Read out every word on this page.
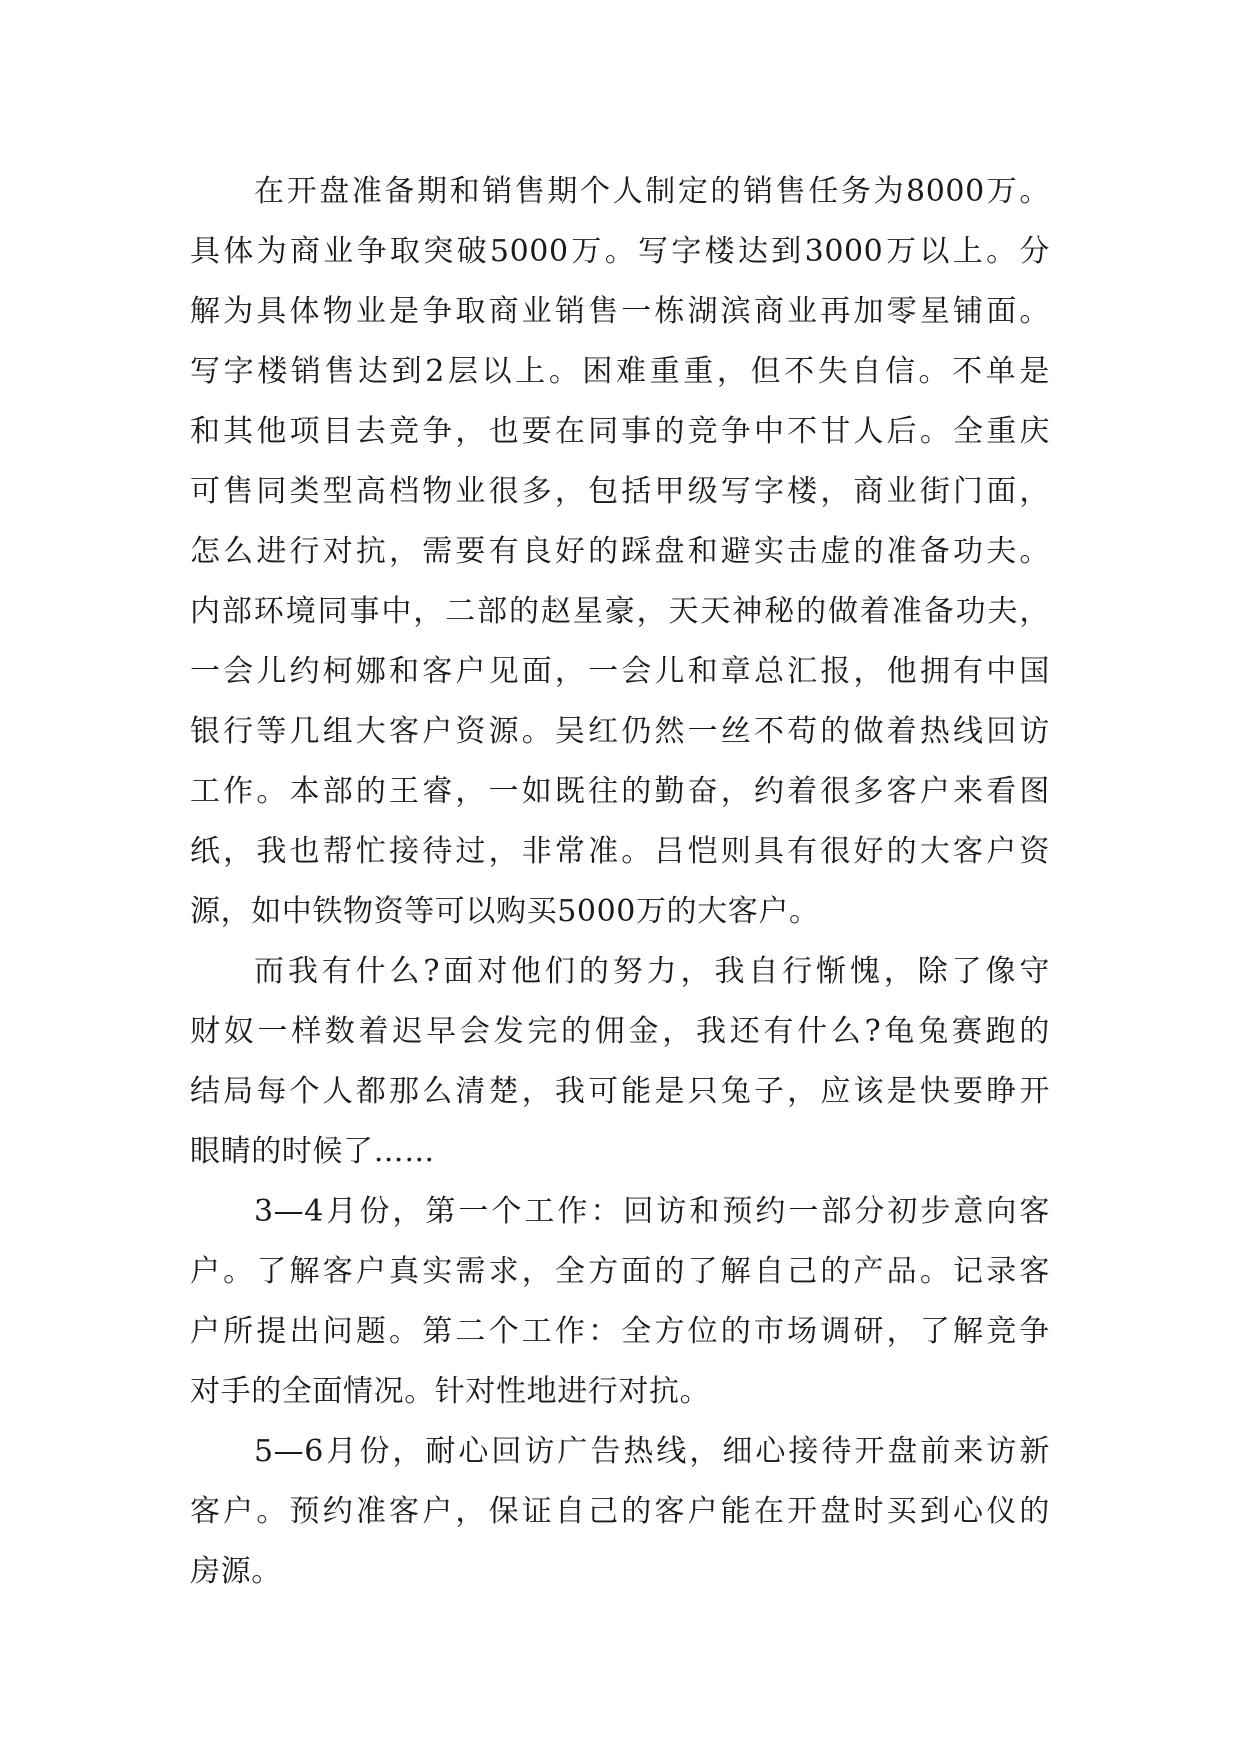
在开盘准备期和销售期个人制定的销售任务为8000万。
具体为商业争取突破5000万。写字楼达到3000万以上。分
解为具体物业是争取商业销售一栋湖滨商业再加零星铺面。
写字楼销售达到2层以上。困难重重，但不失自信。不单是
和其他项目去竞争，也要在同事的竞争中不甘人后。全重庆
可售同类型高档物业很多，包括甲级写字楼，商业街门面，
怎么进行对抗，需要有良好的踩盘和避实击虚的准备功夫。
内部环境同事中，二部的赵星豪，天天神秘的做着准备功夫，
一会儿约柯娜和客户见面，一会儿和章总汇报，他拥有中国
银行等几组大客户资源。吴红仍然一丝不苟的做着热线回访
工作。本部的王睿，一如既往的勤奋，约着很多客户来看图
纸，我也帮忙接待过，非常准。吕恺则具有很好的大客户资
源，如中铁物资等可以购买5000万的大客户。
而我有什么?面对他们的努力，我自行惭愧，除了像守
财奴一样数着迟早会发完的佣金，我还有什么?龟兔赛跑的
结局每个人都那么清楚，我可能是只兔子，应该是快要睁开
眼睛的时候了……
3—4月份，第一个工作：回访和预约一部分初步意向客
户。了解客户真实需求，全方面的了解自己的产品。记录客
户所提出问题。第二个工作：全方位的市场调研，了解竞争
对手的全面情况。针对性地进行对抗。
5—6月份，耐心回访广告热线，细心接待开盘前来访新
客户。预约准客户，保证自己的客户能在开盘时买到心仪的
房源。
